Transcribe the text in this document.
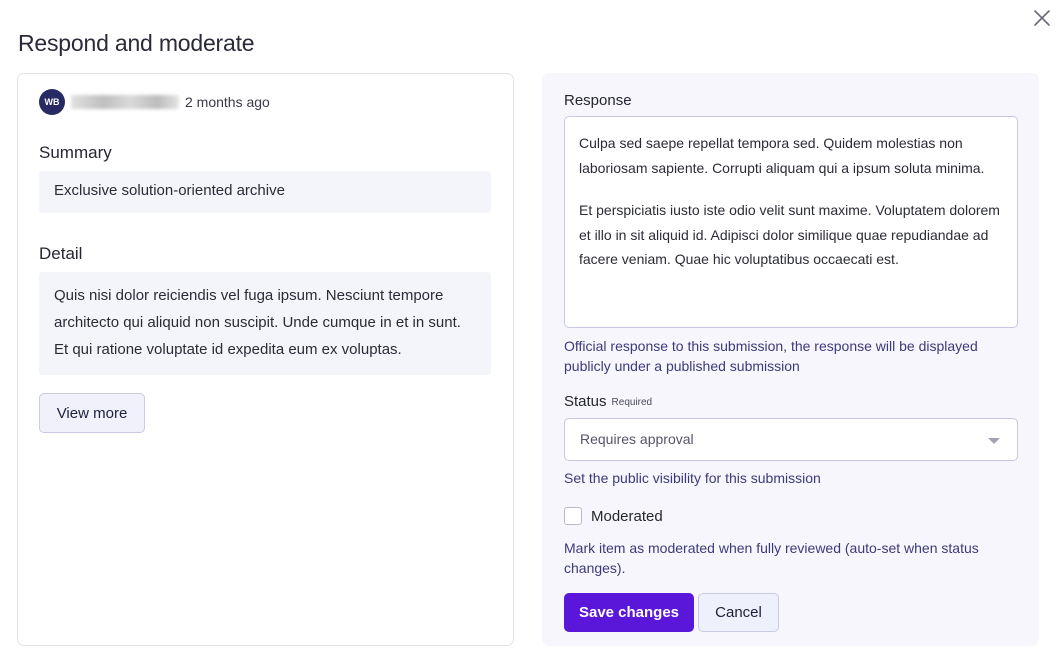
Respond and moderate
WB	2 months ago
Summary
Exclusive solution-oriented archive
Detail
Quis nisi dolor reiciendis vel fuga ipsum. Nesciunt tempore architecto qui aliquid non suscipit. Unde cumque in et in sunt. Et qui ratione voluptate id expedita eum ex voluptas.
View more
Response

Culpa sed saepe repellat tempora sed. Quidem molestias non laboriosam sapiente. Corrupti aliquam qui a ipsum soluta minima.

Et perspiciatis iusto iste odio velit sunt maxime. Voluptatem dolorem et illo in sit aliquid id. Adipisci dolor similique quae repudiandae ad facere veniam. Quae hic voluptatibus occaecati est.

Official response to this submission, the response will be displayed publicly under a published submission
Status Required
Requires approval
Set the public visibility for this submission
Moderated
Mark item as moderated when fully reviewed (auto-set when status changes).
Save changes	Cancel
